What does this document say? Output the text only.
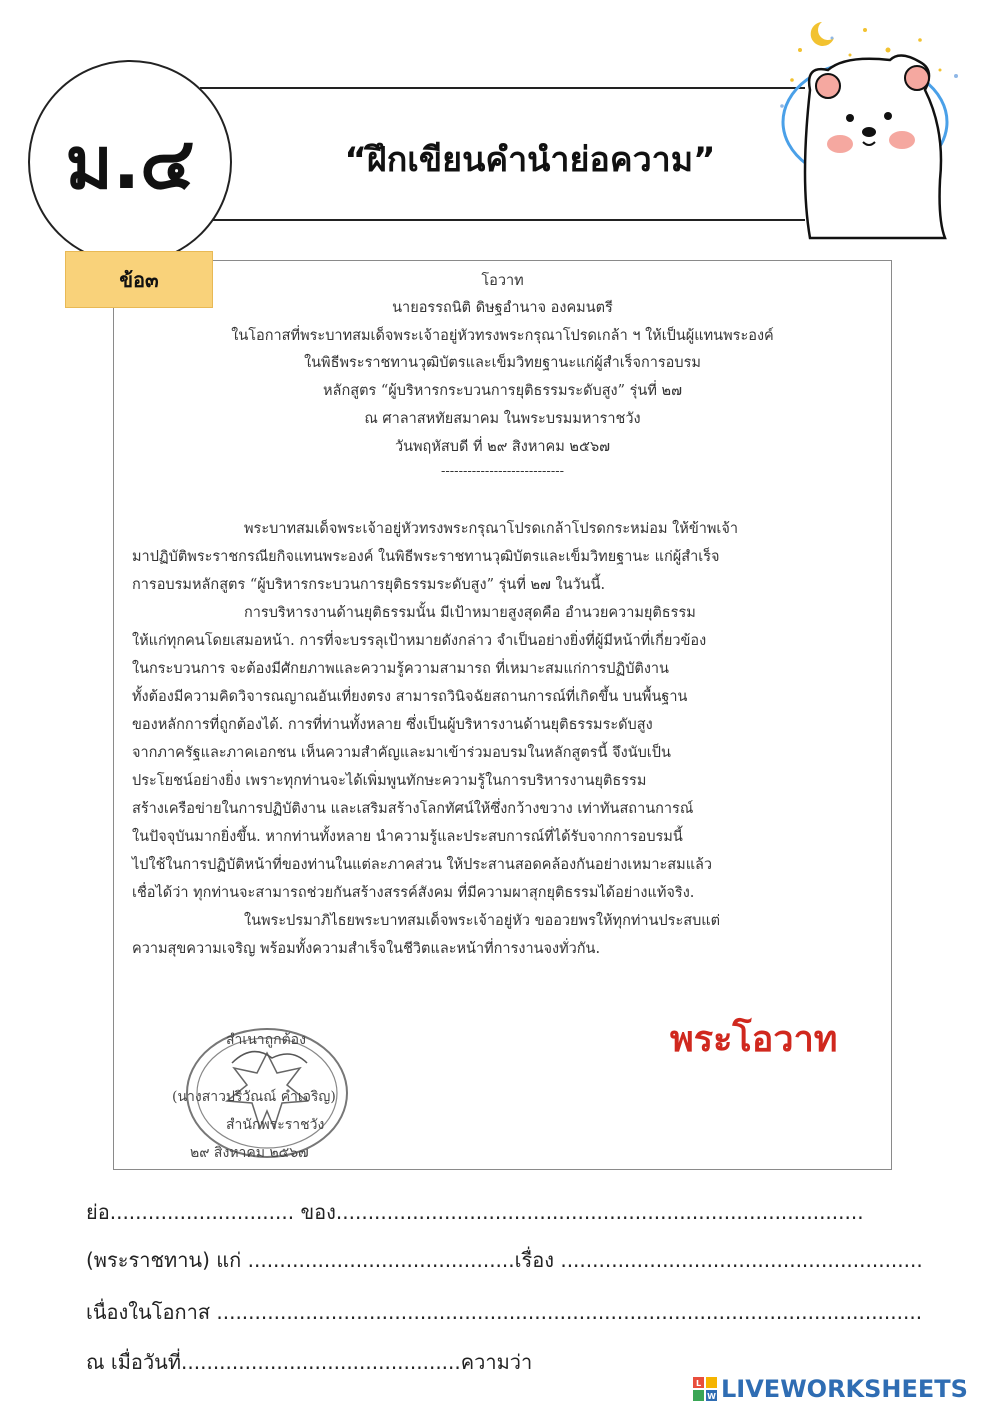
ม.๔	“ฝึกเขียนคำนำย่อความ”
ข้อ๓	โอวาท
นายอรรถนิติ ดิษฐอำนาจ องคมนตรี
ในโอกาสที่พระบาทสมเด็จพระเจ้าอยู่หัวทรงพระกรุณาโปรดเกล้า ฯ ให้เป็นผู้แทนพระองค์
ในพิธีพระราชทานวุฒิบัตรและเข็มวิทยฐานะแก่ผู้สำเร็จการอบรม
หลักสูตร “ผู้บริหารกระบวนการยุติธรรมระดับสูง” รุ่นที่ ๒๗
ณ ศาลาสหทัยสมาคม ในพระบรมมหาราชวัง
วันพฤหัสบดี ที่ ๒๙ สิงหาคม ๒๕๖๗
----------------------------
พระบาทสมเด็จพระเจ้าอยู่หัวทรงพระกรุณาโปรดเกล้าโปรดกระหม่อม ให้ข้าพเจ้า
มาปฏิบัติพระราชกรณียกิจแทนพระองค์ ในพิธีพระราชทานวุฒิบัตรและเข็มวิทยฐานะ แก่ผู้สำเร็จ
การอบรมหลักสูตร “ผู้บริหารกระบวนการยุติธรรมระดับสูง” รุ่นที่ ๒๗ ในวันนี้.
การบริหารงานด้านยุติธรรมนั้น มีเป้าหมายสูงสุดคือ อำนวยความยุติธรรม
ให้แก่ทุกคนโดยเสมอหน้า. การที่จะบรรลุเป้าหมายดังกล่าว จำเป็นอย่างยิ่งที่ผู้มีหน้าที่เกี่ยวข้อง
ในกระบวนการ จะต้องมีศักยภาพและความรู้ความสามารถ ที่เหมาะสมแก่การปฏิบัติงาน
ทั้งต้องมีความคิดวิจารณญาณอันเที่ยงตรง สามารถวินิจฉัยสถานการณ์ที่เกิดขึ้น บนพื้นฐาน
ของหลักการที่ถูกต้องได้. การที่ท่านทั้งหลาย ซึ่งเป็นผู้บริหารงานด้านยุติธรรมระดับสูง
จากภาครัฐและภาคเอกชน เห็นความสำคัญและมาเข้าร่วมอบรมในหลักสูตรนี้ จึงนับเป็น
ประโยชน์อย่างยิ่ง เพราะทุกท่านจะได้เพิ่มพูนทักษะความรู้ในการบริหารงานยุติธรรม
สร้างเครือข่ายในการปฏิบัติงาน และเสริมสร้างโลกทัศน์ให้ซึ่งกว้างขวาง เท่าทันสถานการณ์
ในปัจจุบันมากยิ่งขึ้น. หากท่านทั้งหลาย นำความรู้และประสบการณ์ที่ได้รับจากการอบรมนี้
ไปใช้ในการปฏิบัติหน้าที่ของท่านในแต่ละภาคส่วน ให้ประสานสอดคล้องกันอย่างเหมาะสมแล้ว
เชื่อได้ว่า ทุกท่านจะสามารถช่วยกันสร้างสรรค์สังคม ที่มีความผาสุกยุติธรรมได้อย่างแท้จริง.
ในพระปรมาภิไธยพระบาทสมเด็จพระเจ้าอยู่หัว ขออวยพรให้ทุกท่านประสบแต่
ความสุขความเจริญ พร้อมทั้งความสำเร็จในชีวิตและหน้าที่การงานจงทั่วกัน.
สำเนาถูกต้อง
(นางสาวปริวัณณ์ คำเจริญ)
สำนักพระราชวัง
๒๙ สิงหาคม ๒๕๖๗
พระโอวาท
ย่อ............................. ของ...................................................................................
(พระราชทาน) แก่ ..........................................เรื่อง .........................................................
เนื่องในโอกาส ...............................................................................................................
ณ เมื่อวันที่............................................ความว่า
L
W LIVEWORKSHEETS
